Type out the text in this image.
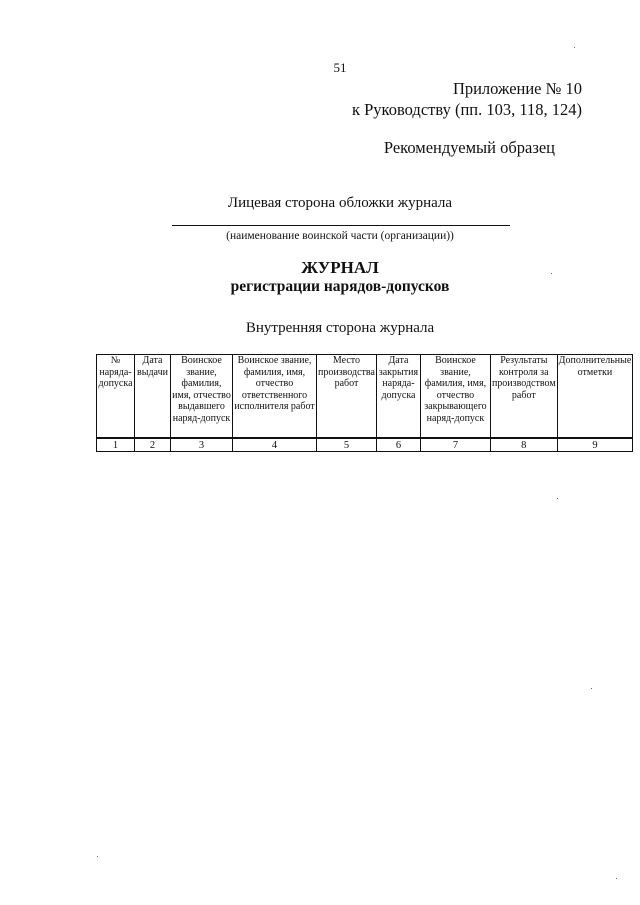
51
Приложение № 10
к Руководству (пп. 103, 118, 124)
Рекомендуемый образец
Лицевая сторона обложки журнала
(наименование воинской части (организации))
ЖУРНАЛ
регистрации нарядов-допусков
Внутренняя сторона журнала
№ наряда-допуска	Дата выдачи	Воинское звание, фамилия, имя, отчество выдавшего наряд-допуск	Воинское звание, фамилия, имя, отчество ответственного исполнителя работ	Место производства работ	Дата закрытия наряда-допуска	Воинское звание, фамилия, имя, отчество закрывающего наряд-допуск	Результаты контроля за производством работ	Дополнительные отметки
1	2	3	4	5	6	7	8	9
